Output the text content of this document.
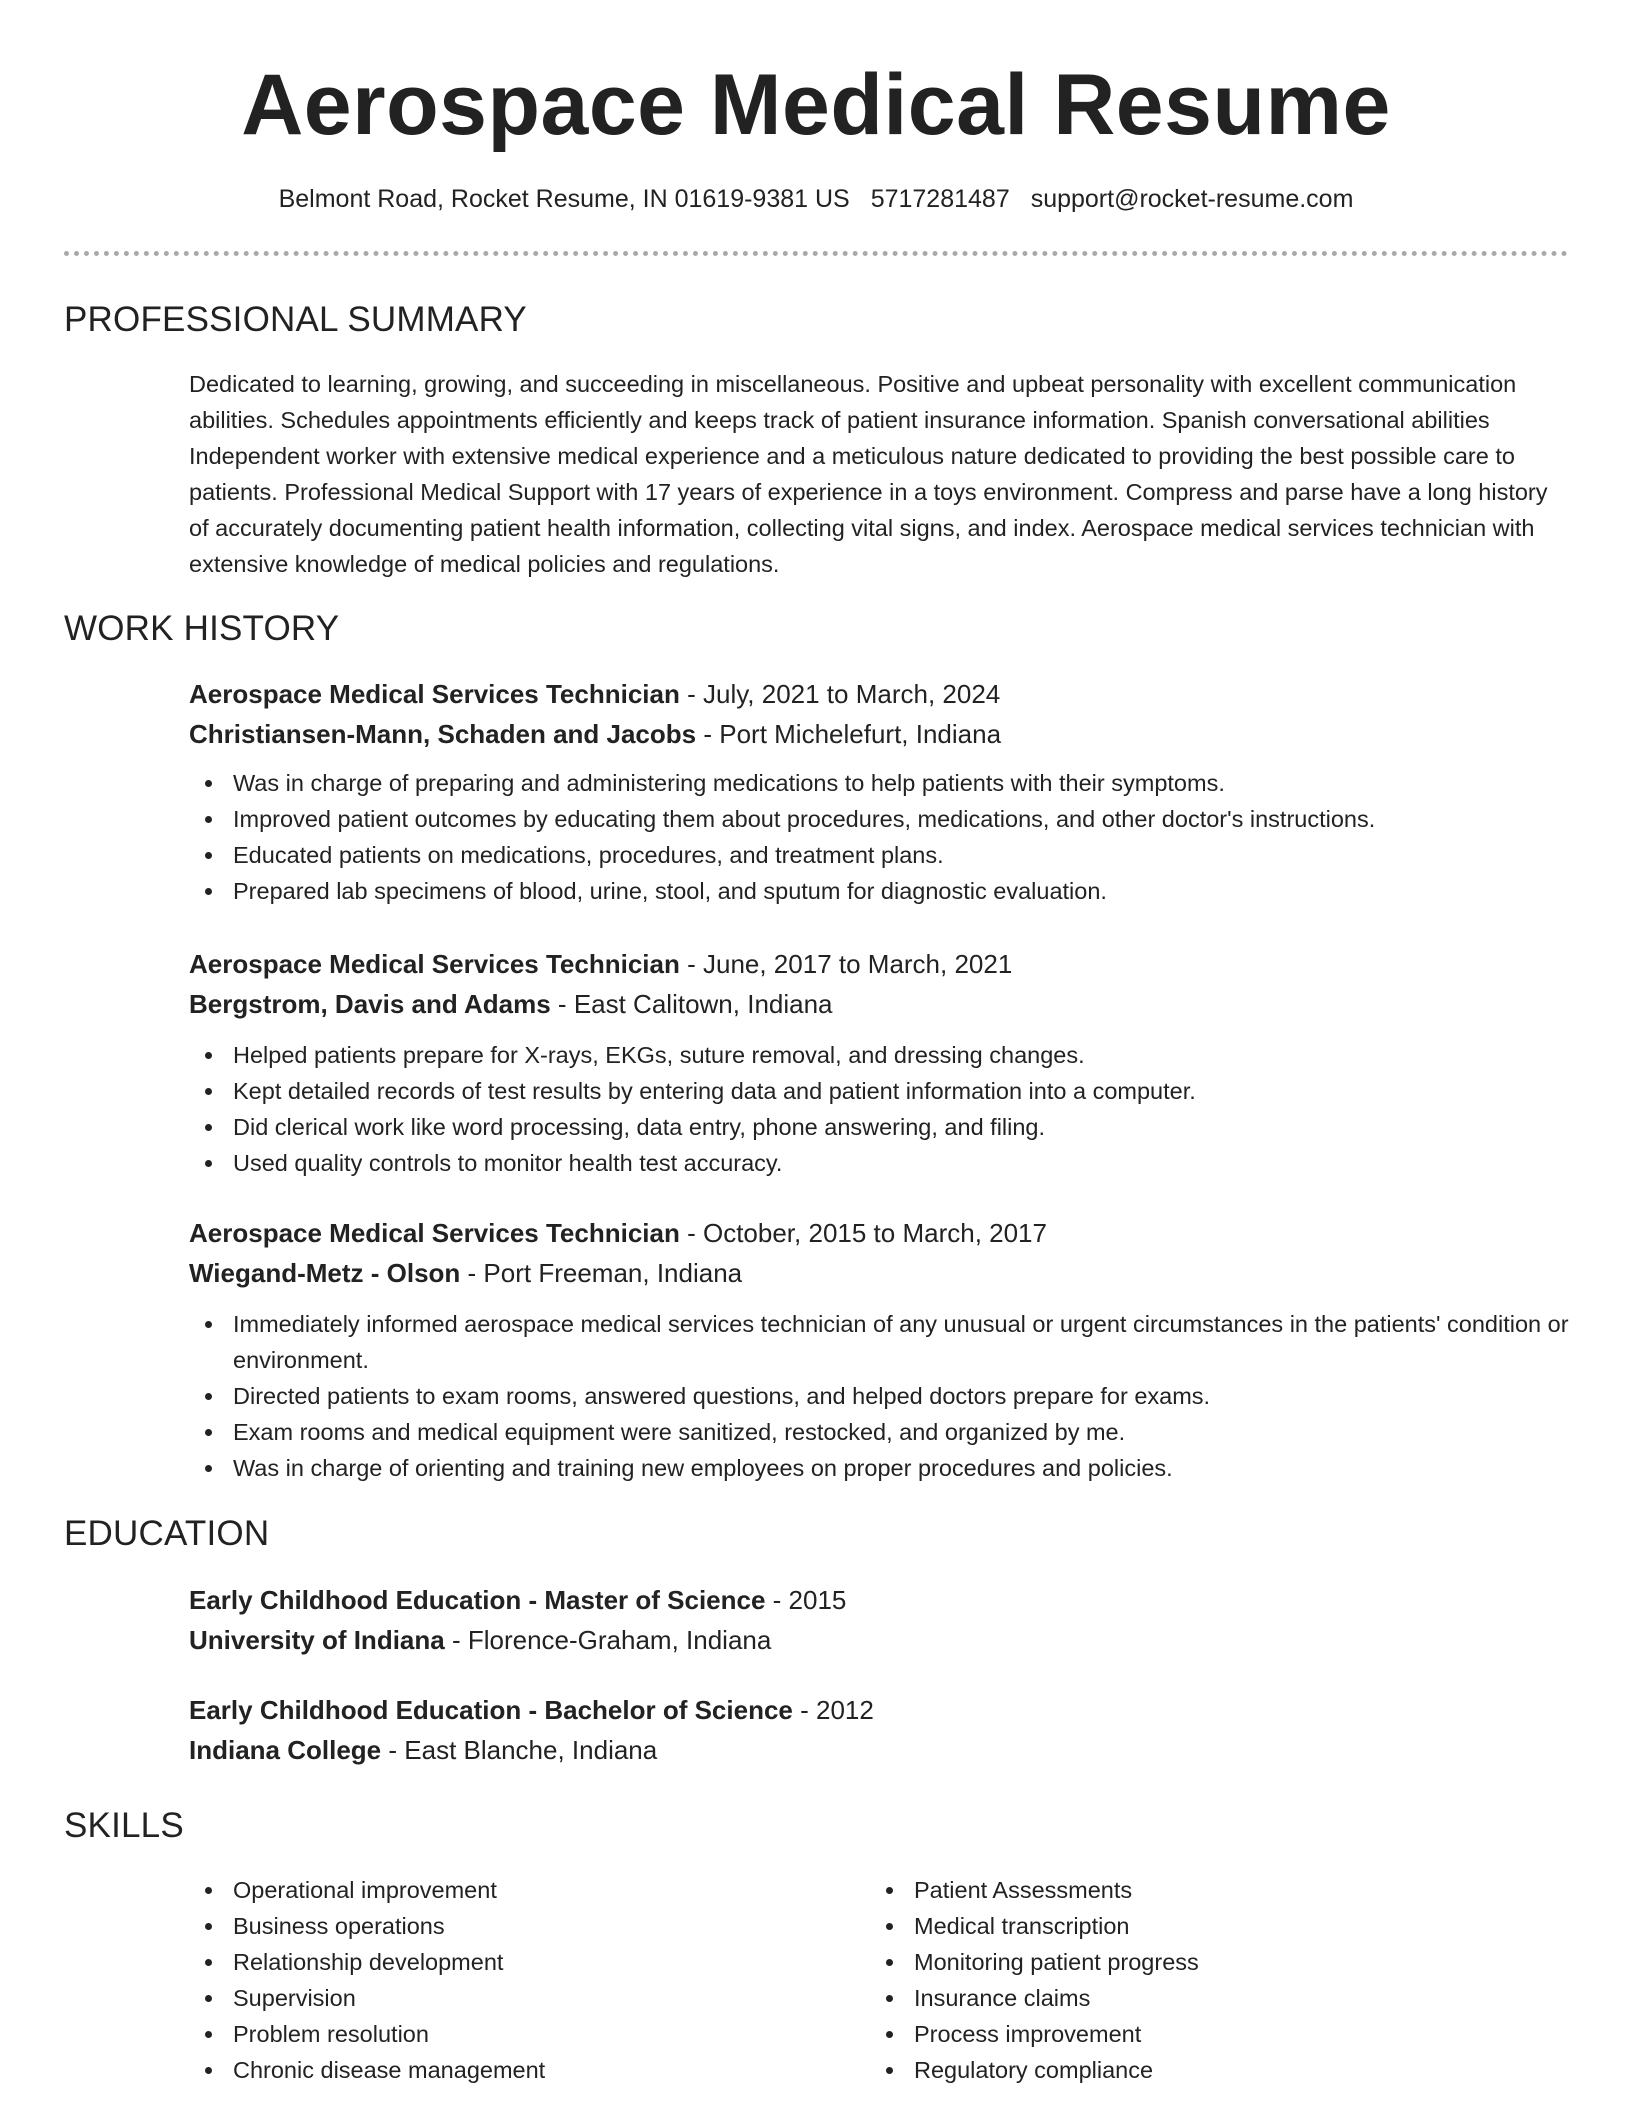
Aerospace Medical Resume
Belmont Road, Rocket Resume, IN 01619-9381 US 5717281487 support@rocket-resume.com
PROFESSIONAL SUMMARY

Dedicated to learning, growing, and succeeding in miscellaneous. Positive and upbeat personality with excellent communication abilities. Schedules appointments efficiently and keeps track of patient insurance information. Spanish conversational abilities Independent worker with extensive medical experience and a meticulous nature dedicated to providing the best possible care to patients. Professional Medical Support with 17 years of experience in a toys environment. Compress and parse have a long history of accurately documenting patient health information, collecting vital signs, and index. Aerospace medical services technician with extensive knowledge of medical policies and regulations.

WORK HISTORY

Aerospace Medical Services Technician - July, 2021 to March, 2024

Christiansen-Mann, Schaden and Jacobs - Port Michelefurt, Indiana

Was in charge of preparing and administering medications to help patients with their symptoms.
Improved patient outcomes by educating them about procedures, medications, and other doctor's instructions.
Educated patients on medications, procedures, and treatment plans.
Prepared lab specimens of blood, urine, stool, and sputum for diagnostic evaluation.

Aerospace Medical Services Technician - June, 2017 to March, 2021

Bergstrom, Davis and Adams - East Calitown, Indiana

Helped patients prepare for X-rays, EKGs, suture removal, and dressing changes.
Kept detailed records of test results by entering data and patient information into a computer.
Did clerical work like word processing, data entry, phone answering, and filing.
Used quality controls to monitor health test accuracy.

Aerospace Medical Services Technician - October, 2015 to March, 2017

Wiegand-Metz - Olson - Port Freeman, Indiana

Immediately informed aerospace medical services technician of any unusual or urgent circumstances in the patients' condition or environment.
Directed patients to exam rooms, answered questions, and helped doctors prepare for exams.
Exam rooms and medical equipment were sanitized, restocked, and organized by me.
Was in charge of orienting and training new employees on proper procedures and policies.
EDUCATION

Early Childhood Education - Master of Science - 2015

University of Indiana - Florence-Graham, Indiana

Early Childhood Education - Bachelor of Science - 2012

Indiana College - East Blanche, Indiana

SKILLS
Operational improvement
Business operations
Relationship development
Supervision
Problem resolution
Chronic disease management
Patient Assessments
Medical transcription
Monitoring patient progress
Insurance claims
Process improvement
Regulatory compliance
